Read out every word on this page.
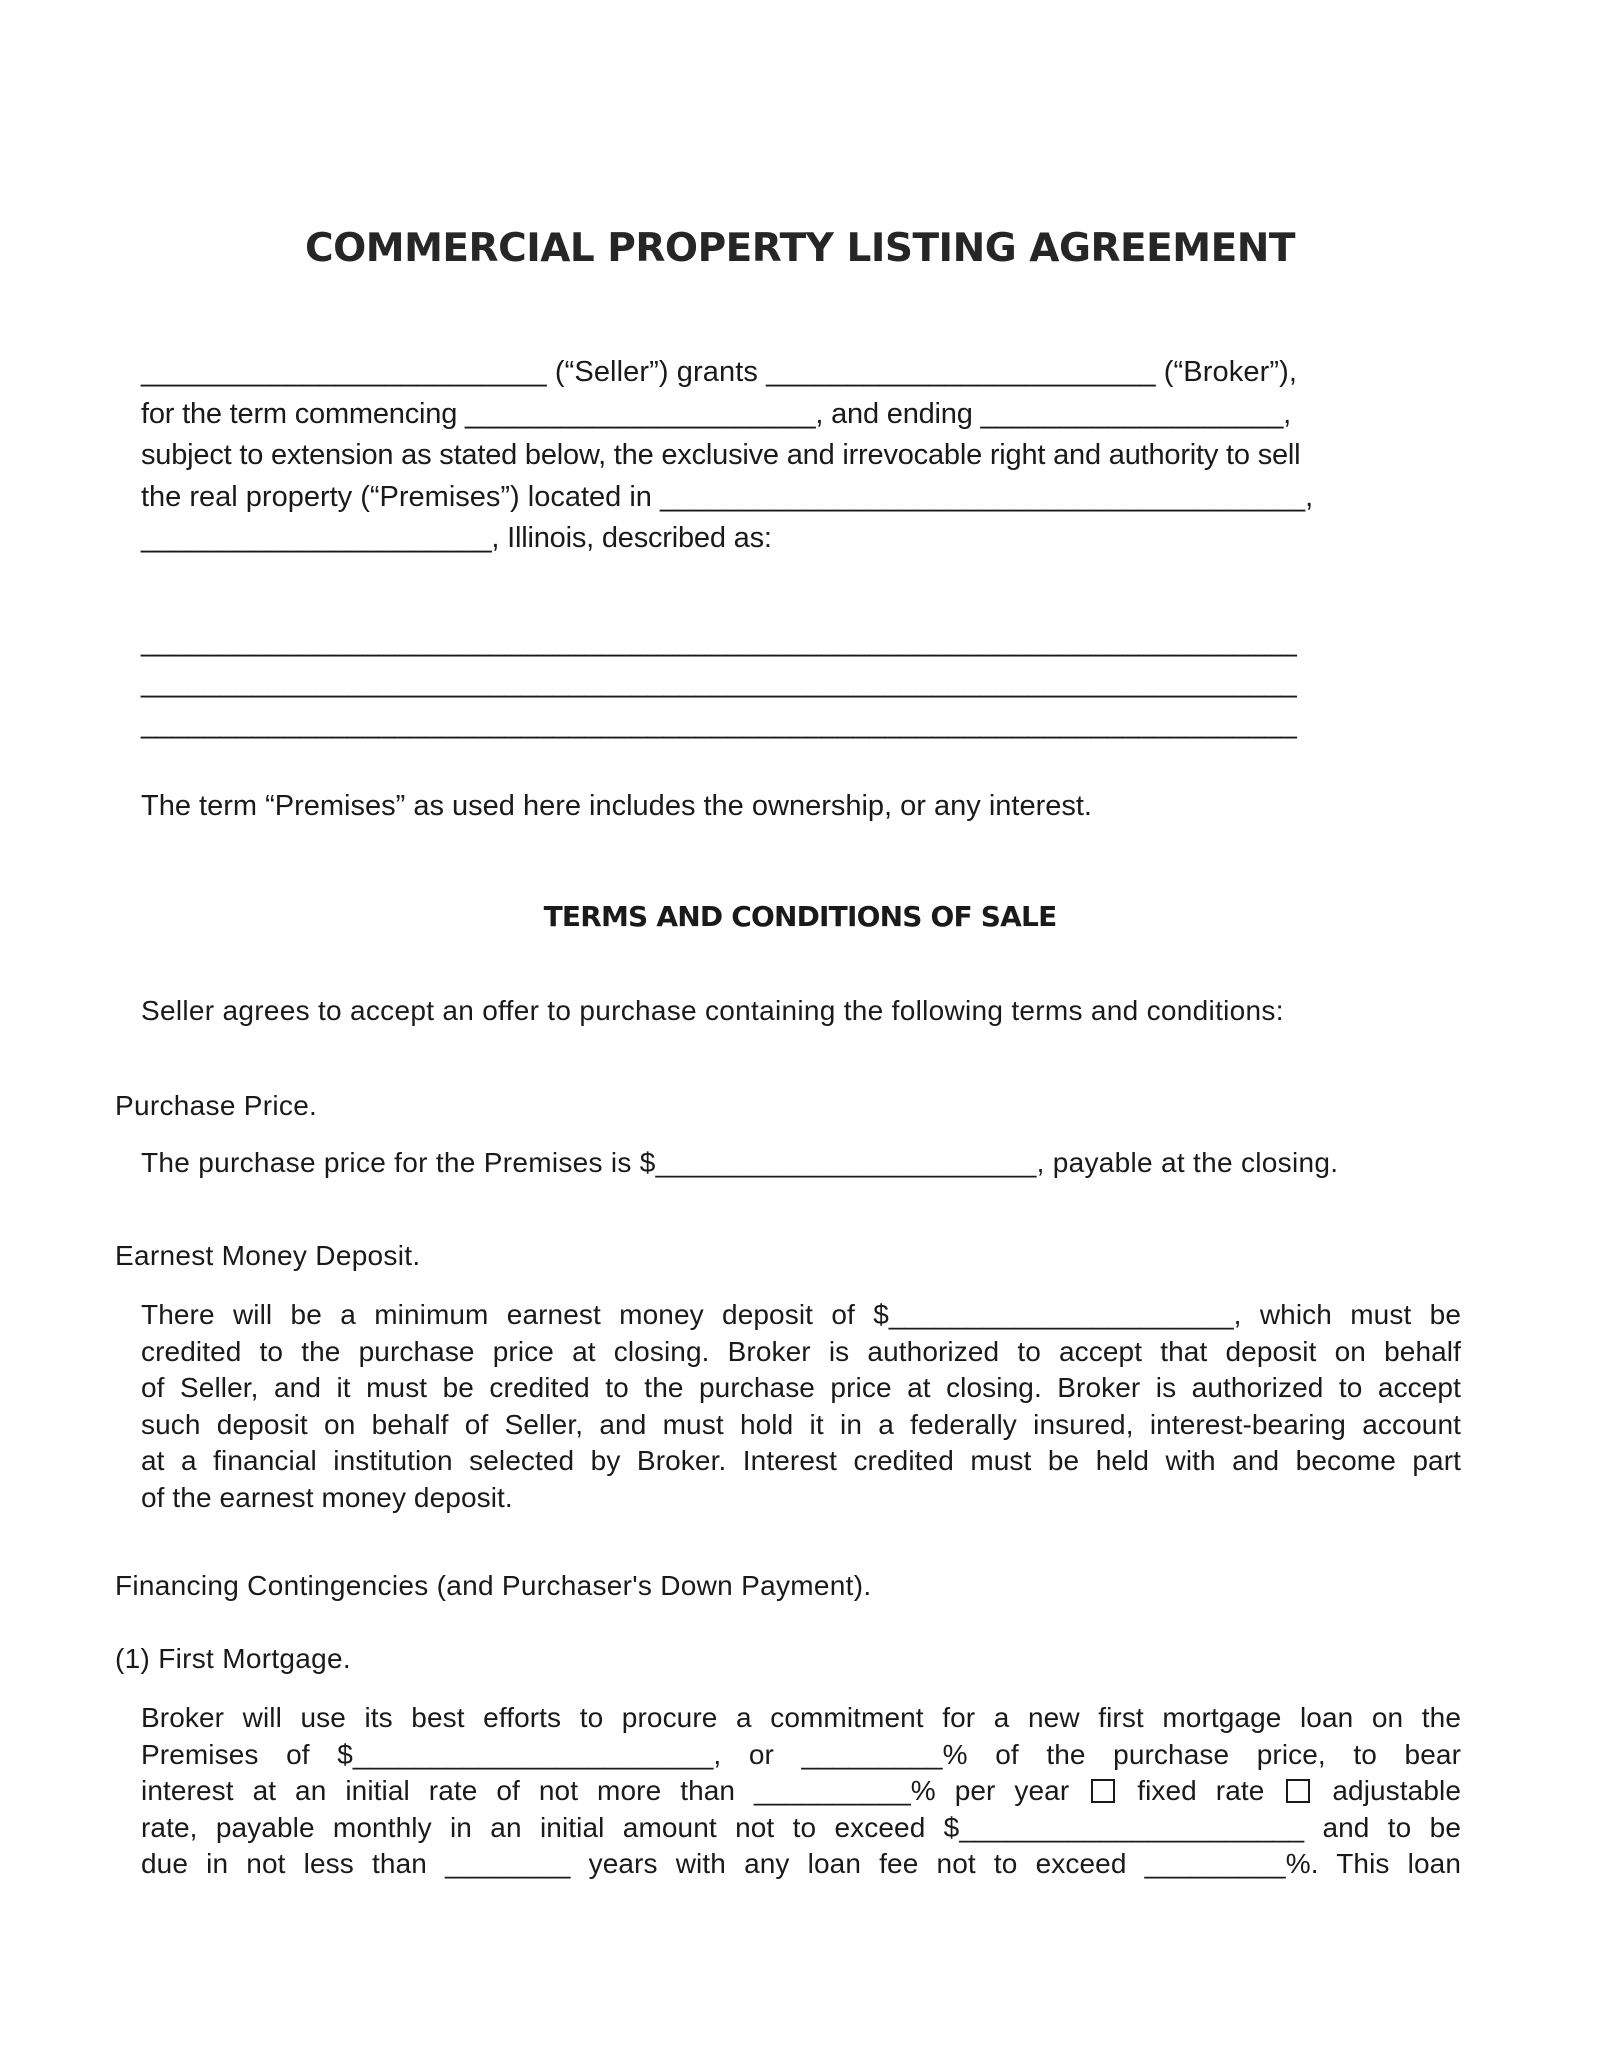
COMMERCIAL PROPERTY LISTING AGREEMENT
_________________________ (“Seller”) grants ________________________ (“Broker”),
for the term commencing ______________________, and ending ___________________,
subject to extension as stated below, the exclusive and irrevocable right and authority to sell
the real property (“Premises”) located in ________________________________________,
______________________, Illinois, described as:
_________________________________________________________________________
_________________________________________________________________________
_________________________________________________________________________
The term “Premises” as used here includes the ownership, or any interest.
TERMS AND CONDITIONS OF SALE
Seller agrees to accept an offer to purchase containing the following terms and conditions:
Purchase Price.
The purchase price for the Premises is $________________________, payable at the closing.
Earnest Money Deposit.
There will be a minimum earnest money deposit of $______________________, which must be
credited to the purchase price at closing. Broker is authorized to accept that deposit on behalf
of Seller, and it must be credited to the purchase price at closing. Broker is authorized to accept
such deposit on behalf of Seller, and must hold it in a federally insured, interest-bearing account
at a financial institution selected by Broker. Interest credited must be held with and become part
of the earnest money deposit.
Financing Contingencies (and Purchaser's Down Payment).
(1) First Mortgage.
Broker will use its best efforts to procure a commitment for a new first mortgage loan on the
Premises of $_______________________, or _________% of the purchase price, to bear
interest at an initial rate of not more than __________% per year fixed rate adjustable
rate, payable monthly in an initial amount not to exceed $______________________ and to be
due in not less than ________ years with any loan fee not to exceed _________%. This loan
